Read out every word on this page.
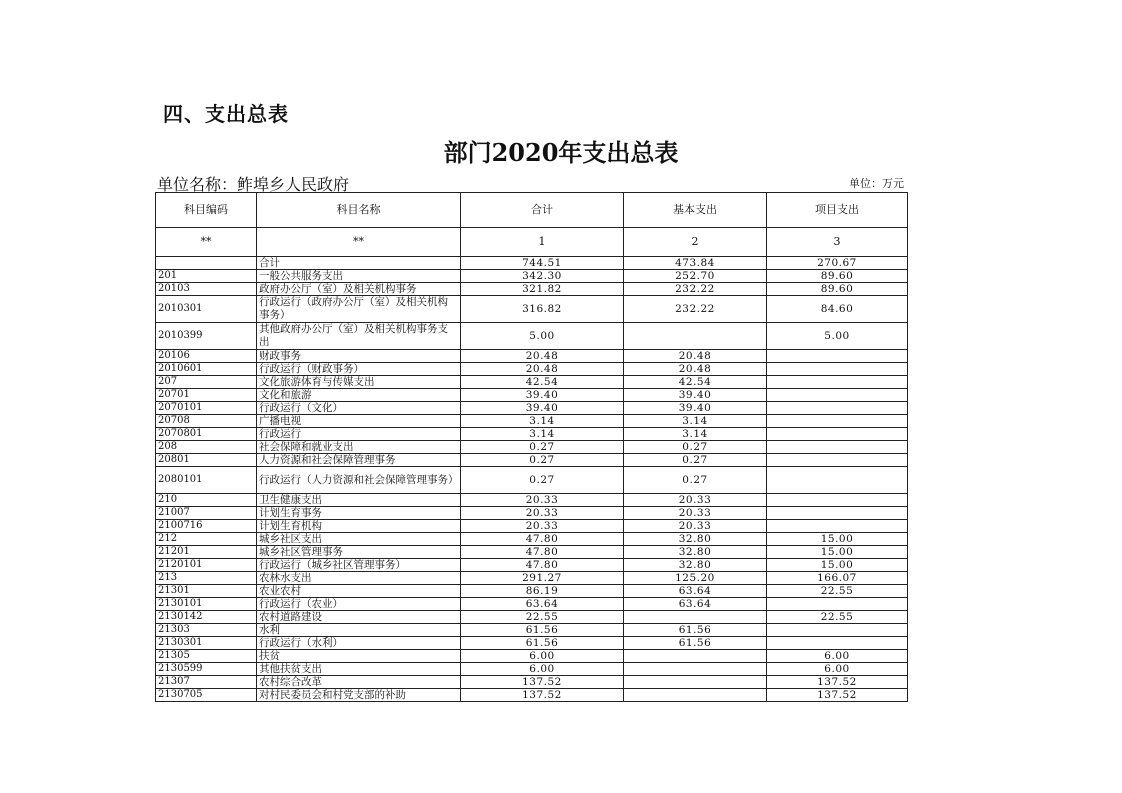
四、支出总表
部门2020年支出总表
单位名称：鲊埠乡人民政府	单位：万元
科目编码	科目名称	合计	基本支出	项目支出
**	**	1	2	3
	合计	744.51	473.84	270.67
201	一般公共服务支出	342.30	252.70	89.60
20103	政府办公厅（室）及相关机构事务	321.82	232.22	89.60
2010301	行政运行（政府办公厅（室）及相关机构事务）	316.82	232.22	84.60
2010399	其他政府办公厅（室）及相关机构事务支出	5.00		5.00
20106	财政事务	20.48	20.48	
2010601	行政运行（财政事务）	20.48	20.48	
207	文化旅游体育与传媒支出	42.54	42.54	
20701	文化和旅游	39.40	39.40	
2070101	行政运行（文化）	39.40	39.40	
20708	广播电视	3.14	3.14	
2070801	行政运行	3.14	3.14	
208	社会保障和就业支出	0.27	0.27	
20801	人力资源和社会保障管理事务	0.27	0.27	
2080101	行政运行（人力资源和社会保障管理事务）	0.27	0.27	
210	卫生健康支出	20.33	20.33	
21007	计划生育事务	20.33	20.33	
2100716	计划生育机构	20.33	20.33	
212	城乡社区支出	47.80	32.80	15.00
21201	城乡社区管理事务	47.80	32.80	15.00
2120101	行政运行（城乡社区管理事务）	47.80	32.80	15.00
213	农林水支出	291.27	125.20	166.07
21301	农业农村	86.19	63.64	22.55
2130101	行政运行（农业）	63.64	63.64	
2130142	农村道路建设	22.55		22.55
21303	水利	61.56	61.56	
2130301	行政运行（水利）	61.56	61.56	
21305	扶贫	6.00		6.00
2130599	其他扶贫支出	6.00		6.00
21307	农村综合改革	137.52		137.52
2130705	对村民委员会和村党支部的补助	137.52		137.52
